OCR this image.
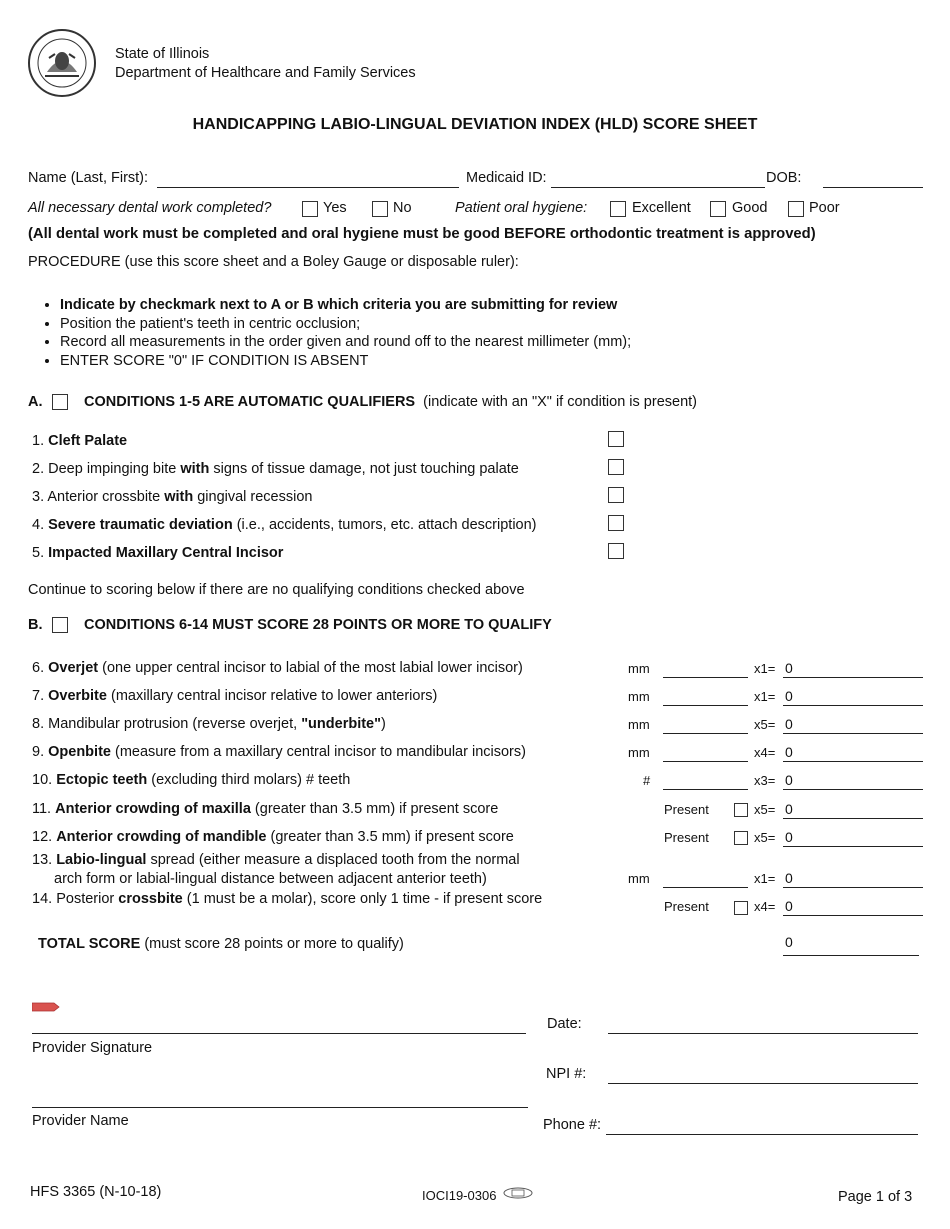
State of Illinois
Department of Healthcare and Family Services
HANDICAPPING LABIO-LINGUAL DEVIATION INDEX (HLD) SCORE SHEET
Name (Last, First):	Medicaid ID:	DOB:
All necessary dental work completed?	Yes	No	Patient oral hygiene:	Excellent	Good	Poor
(All dental work must be completed and oral hygiene must be good BEFORE orthodontic treatment is approved)
PROCEDURE (use this score sheet and a Boley Gauge or disposable ruler):
• Indicate by checkmark next to A or B which criteria you are submitting for review
• Position the patient's teeth in centric occlusion;
• Record all measurements in the order given and round off to the nearest millimeter (mm);
• ENTER SCORE "0" IF CONDITION IS ABSENT
A.	CONDITIONS 1-5 ARE AUTOMATIC QUALIFIERS (indicate with an "X" if condition is present)
1. Cleft Palate
2. Deep impinging bite with signs of tissue damage, not just touching palate
3. Anterior crossbite with gingival recession
4. Severe traumatic deviation (i.e., accidents, tumors, etc. attach description)
5. Impacted Maxillary Central Incisor
Continue to scoring below if there are no qualifying conditions checked above
B.	CONDITIONS 6-14 MUST SCORE 28 POINTS OR MORE TO QUALIFY
6. Overjet (one upper central incisor to labial of the most labial lower incisor)	mm	x1= 0
7. Overbite (maxillary central incisor relative to lower anteriors)	mm	x1= 0
8. Mandibular protrusion (reverse overjet, "underbite")	mm	x5= 0
9. Openbite (measure from a maxillary central incisor to mandibular incisors)	mm	x4= 0
10. Ectopic teeth (excluding third molars) # teeth	#	x3= 0
11. Anterior crowding of maxilla (greater than 3.5 mm) if present score	Present	x5= 0
12. Anterior crowding of mandible (greater than 3.5 mm) if present score	Present	x5= 0
13. Labio-lingual spread (either measure a displaced tooth from the normal
arch form or labial-lingual distance between adjacent anterior teeth)	mm	x1= 0
14. Posterior crossbite (1 must be a molar), score only 1 time - if present score	Present	x4= 0
TOTAL SCORE (must score 28 points or more to qualify)	0
Provider Signature
Date:
NPI #:
Provider Name	Phone #:
HFS 3365 (N-10-18)	IOCI19-0306	Page 1 of 3
